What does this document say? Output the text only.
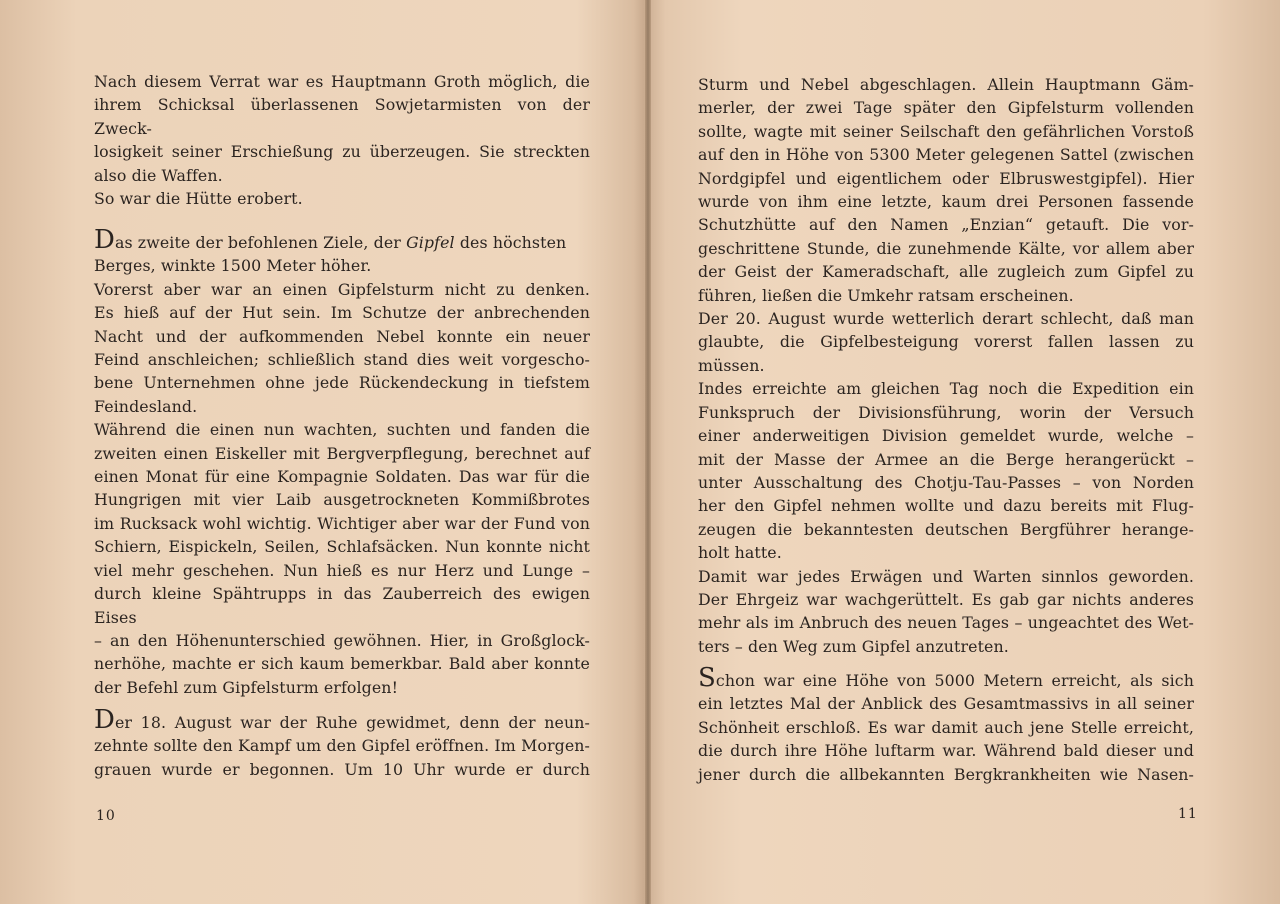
Nach diesem Verrat war es Hauptmann Groth möglich, die
ihrem Schicksal überlassenen Sowjetarmisten von der Zweck-
losigkeit seiner Erschießung zu überzeugen. Sie streckten
also die Waffen.
So war die Hütte erobert.
Das zweite der befohlenen Ziele, der Gipfel des höchsten
Berges, winkte 1500 Meter höher.
Vorerst aber war an einen Gipfelsturm nicht zu denken.
Es hieß auf der Hut sein. Im Schutze der anbrechenden
Nacht und der aufkommenden Nebel konnte ein neuer
Feind anschleichen; schließlich stand dies weit vorgescho-
bene Unternehmen ohne jede Rückendeckung in tiefstem
Feindesland.
Während die einen nun wachten, suchten und fanden die
zweiten einen Eiskeller mit Bergverpflegung, berechnet auf
einen Monat für eine Kompagnie Soldaten. Das war für die
Hungrigen mit vier Laib ausgetrockneten Kommißbrotes
im Rucksack wohl wichtig. Wichtiger aber war der Fund von
Schiern, Eispickeln, Seilen, Schlafsäcken. Nun konnte nicht
viel mehr geschehen. Nun hieß es nur Herz und Lunge –
durch kleine Spähtrupps in das Zauberreich des ewigen Eises
– an den Höhenunterschied gewöhnen. Hier, in Großglock-
nerhöhe, machte er sich kaum bemerkbar. Bald aber konnte
der Befehl zum Gipfelsturm erfolgen!
Der 18. August war der Ruhe gewidmet, denn der neun-
zehnte sollte den Kampf um den Gipfel eröffnen. Im Morgen-
grauen wurde er begonnen. Um 10 Uhr wurde er durch
10
Sturm und Nebel abgeschlagen. Allein Hauptmann Gäm-
merler, der zwei Tage später den Gipfelsturm vollenden
sollte, wagte mit seiner Seilschaft den gefährlichen Vorstoß
auf den in Höhe von 5300 Meter gelegenen Sattel (zwischen
Nordgipfel und eigentlichem oder Elbruswestgipfel). Hier
wurde von ihm eine letzte, kaum drei Personen fassende
Schutzhütte auf den Namen „Enzian“ getauft. Die vor-
geschrittene Stunde, die zunehmende Kälte, vor allem aber
der Geist der Kameradschaft, alle zugleich zum Gipfel zu
führen, ließen die Umkehr ratsam erscheinen.
Der 20. August wurde wetterlich derart schlecht, daß man
glaubte, die Gipfelbesteigung vorerst fallen lassen zu müssen.
Indes erreichte am gleichen Tag noch die Expedition ein
Funkspruch der Divisionsführung, worin der Versuch
einer anderweitigen Division gemeldet wurde, welche –
mit der Masse der Armee an die Berge herangerückt –
unter Ausschaltung des Chotju-Tau-Passes – von Norden
her den Gipfel nehmen wollte und dazu bereits mit Flug-
zeugen die bekanntesten deutschen Bergführer herange-
holt hatte.
Damit war jedes Erwägen und Warten sinnlos geworden.
Der Ehrgeiz war wachgerüttelt. Es gab gar nichts anderes
mehr als im Anbruch des neuen Tages – ungeachtet des Wet-
ters – den Weg zum Gipfel anzutreten.
Schon war eine Höhe von 5000 Metern erreicht, als sich
ein letztes Mal der Anblick des Gesamtmassivs in all seiner
Schönheit erschloß. Es war damit auch jene Stelle erreicht,
die durch ihre Höhe luftarm war. Während bald dieser und
jener durch die allbekannten Bergkrankheiten wie Nasen-
11
